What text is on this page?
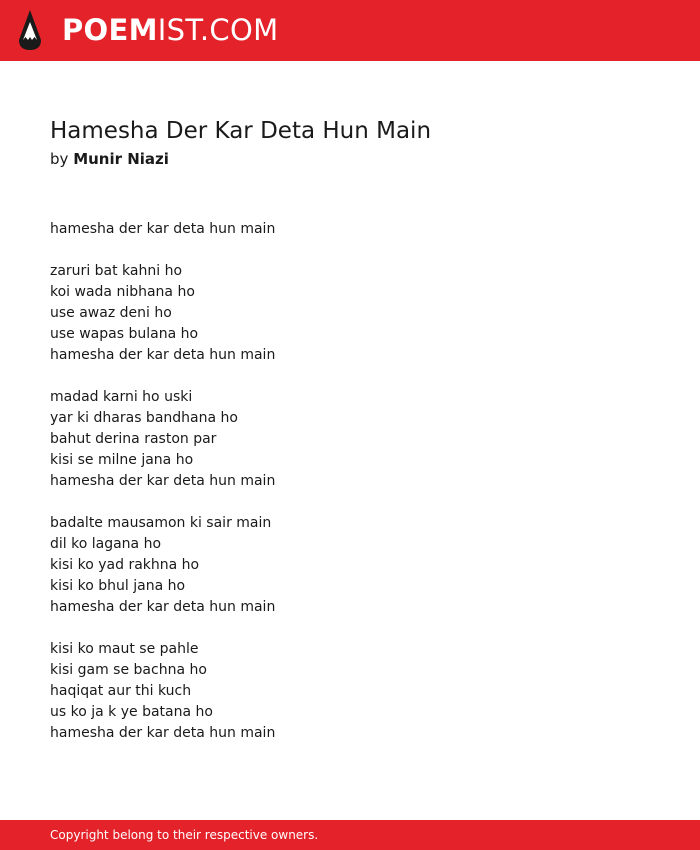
POEMIST.COM
Hamesha Der Kar Deta Hun Main
by Munir Niazi
hamesha der kar deta hun main
zaruri bat kahni ho
koi wada nibhana ho
use awaz deni ho
use wapas bulana ho
hamesha der kar deta hun main
madad karni ho uski
yar ki dharas bandhana ho
bahut derina raston par
kisi se milne jana ho
hamesha der kar deta hun main
badalte mausamon ki sair main
dil ko lagana ho
kisi ko yad rakhna ho
kisi ko bhul jana ho
hamesha der kar deta hun main
kisi ko maut se pahle
kisi gam se bachna ho
haqiqat aur thi kuch
us ko ja k ye batana ho
hamesha der kar deta hun main
Copyright belong to their respective owners.
